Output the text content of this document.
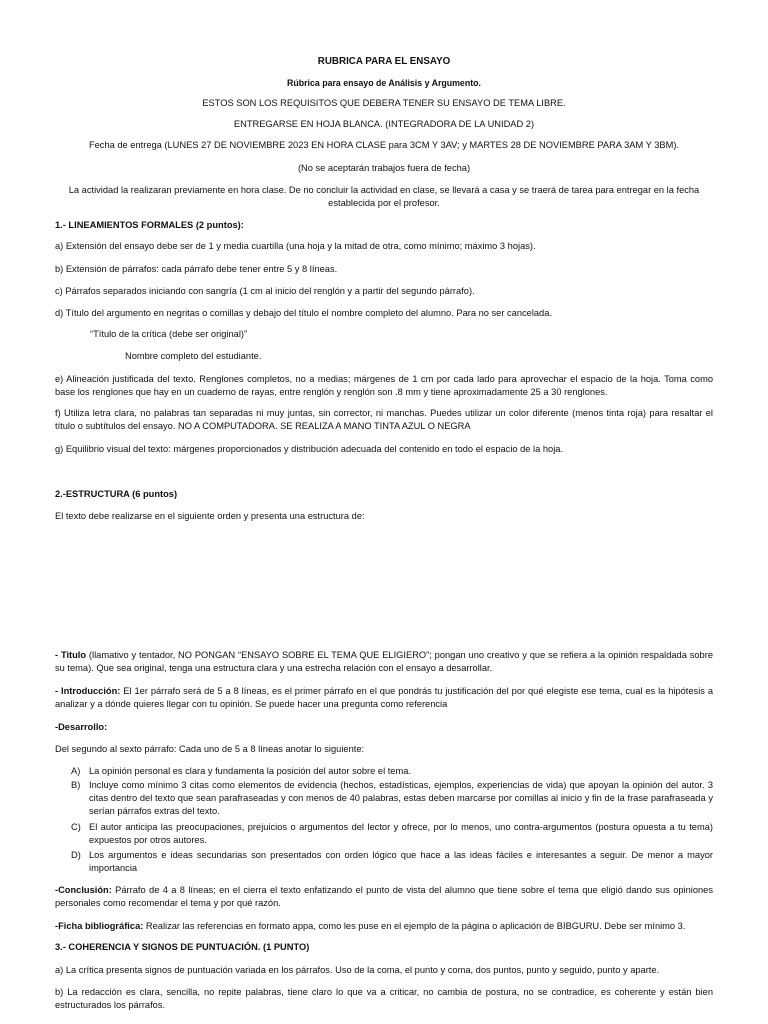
RUBRICA PARA EL ENSAYO
Rúbrica para ensayo de Análisis y Argumento.
ESTOS SON LOS REQUISITOS QUE DEBERA TENER SU ENSAYO DE TEMA LIBRE.
ENTREGARSE EN HOJA BLANCA. (INTEGRADORA DE LA UNIDAD 2)
Fecha de entrega (LUNES 27 DE NOVIEMBRE 2023 EN HORA CLASE para 3CM Y 3AV; y MARTES 28 DE NOVIEMBRE PARA 3AM Y 3BM).
(No se aceptarán trabajos fuera de fecha)
La actividad la realizaran previamente en hora clase. De no concluir la actividad en clase, se llevará a casa y se traerá de tarea para entregar en la fecha
establecida por el profesor.
1.- LINEAMIENTOS FORMALES (2 puntos):
a) Extensión del ensayo debe ser de 1 y media cuartilla (una hoja y la mitad de otra, como mínimo; máximo 3 hojas).
b) Extensión de párrafos: cada párrafo debe tener entre 5 y 8 líneas.
c) Párrafos separados iniciando con sangría (1 cm al inicio del renglón y a partir del segundo párrafo).
d) Título del argumento en negritas o comillas y debajo del título el nombre completo del alumno. Para no ser cancelada.
“Título de la crítica (debe ser original)”
Nombre completo del estudiante.
e) Alineación justificada del texto. Renglones completos, no a medias; márgenes de 1 cm por cada lado para aprovechar el espacio de la hoja. Toma como base los renglones que hay en un cuaderno de rayas, entre renglón y renglón son .8 mm y tiene aproximadamente 25 a 30 renglones.
f) Utiliza letra clara, no palabras tan separadas ni muy juntas, sin corrector, ni manchas. Puedes utilizar un color diferente (menos tinta roja) para resaltar el título o subtítulos del ensayo. NO A COMPUTADORA. SE REALIZA A MANO TINTA AZUL O NEGRA
g) Equilibrio visual del texto: márgenes proporcionados y distribución adecuada del contenido en todo el espacio de la hoja.
2.-ESTRUCTURA (6 puntos)
El texto debe realizarse en el siguiente orden y presenta una estructura de:
- Titulo (llamativo y tentador, NO PONGAN “ENSAYO SOBRE EL TEMA QUE ELIGIERO”; pongan uno creativo y que se refiera a la opinión respaldada sobre su tema). Que sea original, tenga una estructura clara y una estrecha relación con el ensayo a desarrollar.
- Introducción: El 1er párrafo será de 5 a 8 líneas, es el primer párrafo en el que pondrás tu justificación del por qué elegiste ese tema, cual es la hipótesis a analizar y a dónde quieres llegar con tu opinión. Se puede hacer una pregunta como referencia
-Desarrollo:
Del segundo al sexto párrafo: Cada uno de 5 a 8 líneas anotar lo siguiente:
A) La opinión personal es clara y fundamenta la posición del autor sobre el tema.
B) Incluye como mínimo 3 citas como elementos de evidencia (hechos, estadísticas, ejemplos, experiencias de vida) que apoyan la opinión del autor. 3 citas dentro del texto que sean parafraseadas y con menos de 40 palabras, estas deben marcarse por comillas al inicio y fin de la frase parafraseada y serían párrafos extras del texto.
C) El autor anticipa las preocupaciones, prejuicios o argumentos del lector y ofrece, por lo menos, uno contra-argumentos (postura opuesta a tu tema) expuestos por otros autores.
D) Los argumentos e ideas secundarias son presentados con orden lógico que hace a las ideas fáciles e interesantes a seguir. De menor a mayor importancia
-Conclusión: Párrafo de 4 a 8 líneas; en el cierra el texto enfatizando el punto de vista del alumno que tiene sobre el tema que eligió dando sus opiniones personales como recomendar el tema y por qué razón.
-Ficha bibliográfica: Realizar las referencias en formato appa, como les puse en el ejemplo de la página o aplicación de BIBGURU. Debe ser mínimo 3.
3.- COHERENCIA Y SIGNOS DE PUNTUACIÓN. (1 PUNTO)
a) La crítica presenta signos de puntuación variada en los párrafos. Uso de la coma, el punto y coma, dos puntos, punto y seguido, punto y aparte.
b) La redacción es clara, sencilla, no repite palabras, tiene claro lo que va a criticar, no cambia de postura, no se contradice, es coherente y están bien estructurados los párrafos.
